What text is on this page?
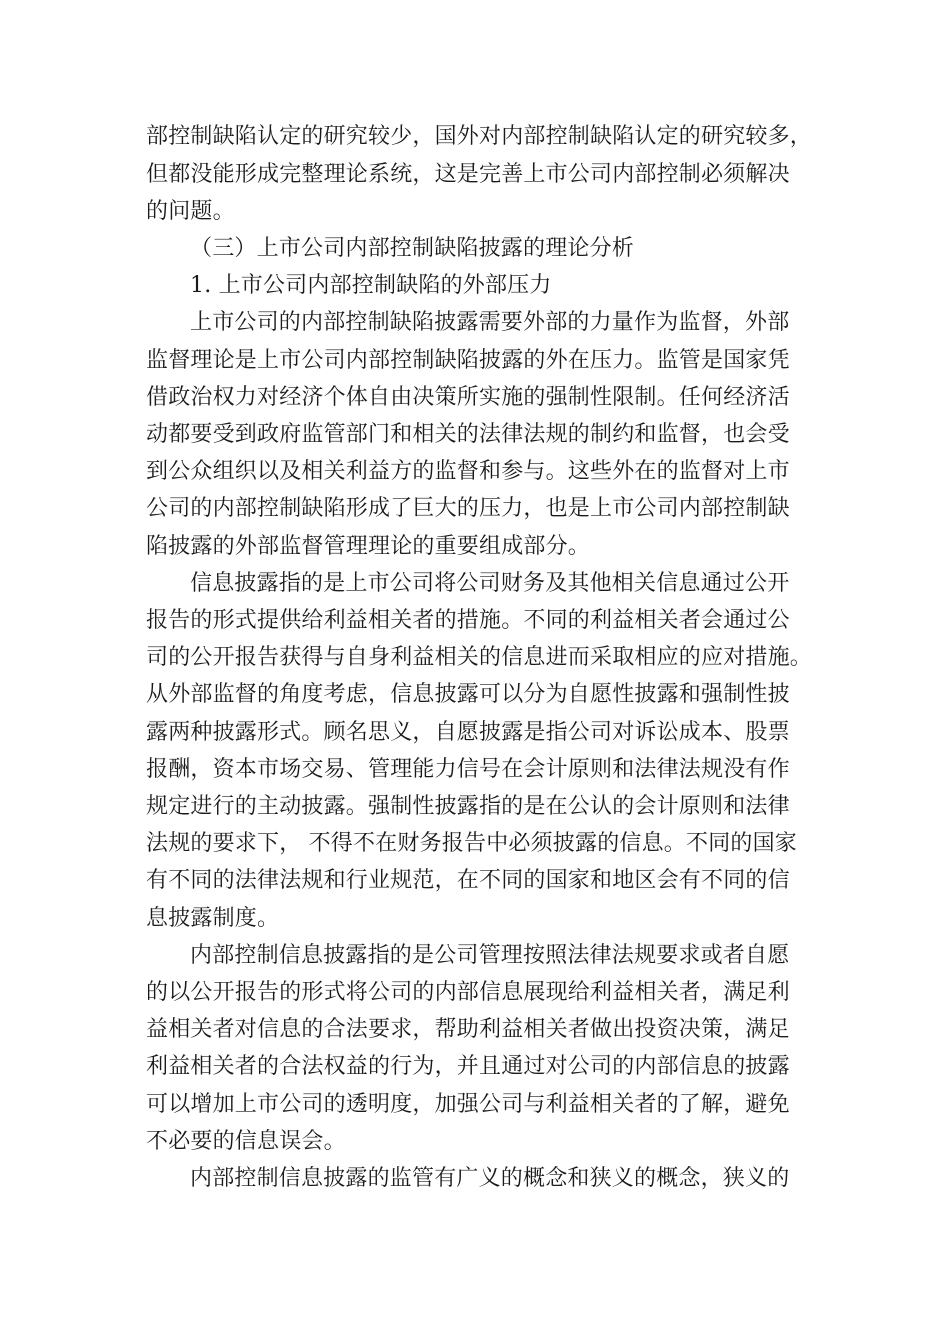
部控制缺陷认定的研究较少，国外对内部控制缺陷认定的研究较多，
但都没能形成完整理论系统，这是完善上市公司内部控制必须解决
的问题。
（三）上市公司内部控制缺陷披露的理论分析
1. 上市公司内部控制缺陷的外部压力
上市公司的内部控制缺陷披露需要外部的力量作为监督，外部
监督理论是上市公司内部控制缺陷披露的外在压力。监管是国家凭
借政治权力对经济个体自由决策所实施的强制性限制。任何经济活
动都要受到政府监管部门和相关的法律法规的制约和监督，也会受
到公众组织以及相关利益方的监督和参与。这些外在的监督对上市
公司的内部控制缺陷形成了巨大的压力，也是上市公司内部控制缺
陷披露的外部监督管理理论的重要组成部分。
信息披露指的是上市公司将公司财务及其他相关信息通过公开
报告的形式提供给利益相关者的措施。不同的利益相关者会通过公
司的公开报告获得与自身利益相关的信息进而采取相应的应对措施。
从外部监督的角度考虑，信息披露可以分为自愿性披露和强制性披
露两种披露形式。顾名思义，自愿披露是指公司对诉讼成本、股票
报酬，资本市场交易、管理能力信号在会计原则和法律法规没有作
规定进行的主动披露。强制性披露指的是在公认的会计原则和法律
法规的要求下， 不得不在财务报告中必须披露的信息。不同的国家
有不同的法律法规和行业规范，在不同的国家和地区会有不同的信
息披露制度。
内部控制信息披露指的是公司管理按照法律法规要求或者自愿
的以公开报告的形式将公司的内部信息展现给利益相关者，满足利
益相关者对信息的合法要求，帮助利益相关者做出投资决策，满足
利益相关者的合法权益的行为，并且通过对公司的内部信息的披露
可以增加上市公司的透明度，加强公司与利益相关者的了解，避免
不必要的信息误会。
内部控制信息披露的监管有广义的概念和狭义的概念，狭义的
